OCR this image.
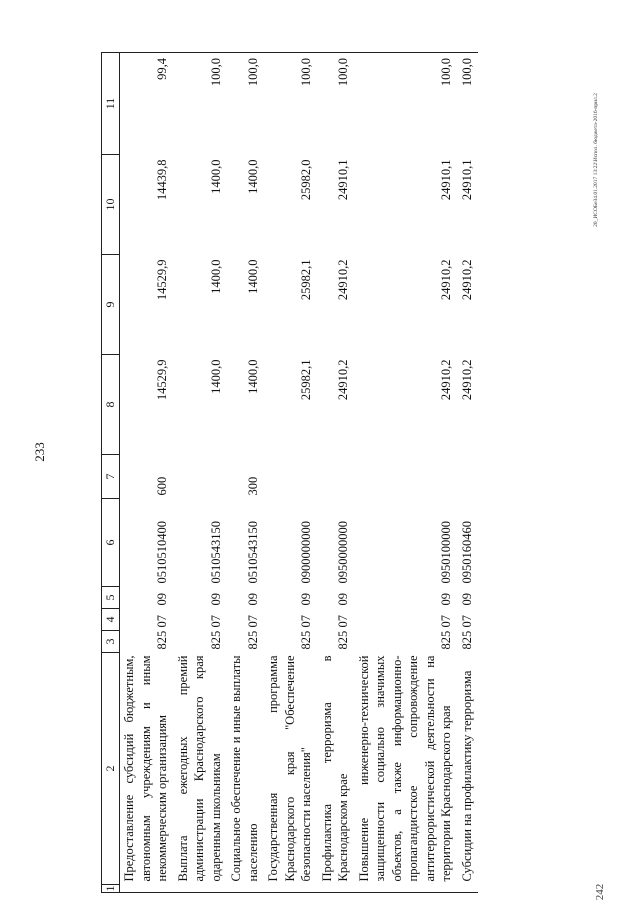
233
20_ИСОБеЗ4.01.2017 13:22\Испол. бюджета-2016-прил.2
242
1	2	3	4	5	6	7	8	9	10	11
	Предоставление субсидий бюджетным, автономным учреждениям и иным некоммерческим организациям	825	07	09	0510510400	600	14529,9	14529,9	14439,8	99,4
	Выплата ежегодных премий администрации Краснодарского края одаренным школьникам	825	07	09	0510543150		1400,0	1400,0	1400,0	100,0
	Социальное обеспечение и иные выплаты населению	825	07	09	0510543150	300	1400,0	1400,0	1400,0	100,0
	Государственная программа Краснодарского края "Обеспечение безопасности населения"	825	07	09	0900000000		25982,1	25982,1	25982,0	100,0
	Профилактика терроризма в Краснодарском крае	825	07	09	0950000000		24910,2	24910,2	24910,1	100,0
	Повышение инженерно-технической защищенности социально значимых объектов, а также информационно-пропагандистское сопровождение антитеррористической деятельности на территории Краснодарского края	825	07	09	0950100000		24910,2	24910,2	24910,1	100,0
	Субсидии на профилактику терроризма	825	07	09	0950160460		24910,2	24910,2	24910,1	100,0
